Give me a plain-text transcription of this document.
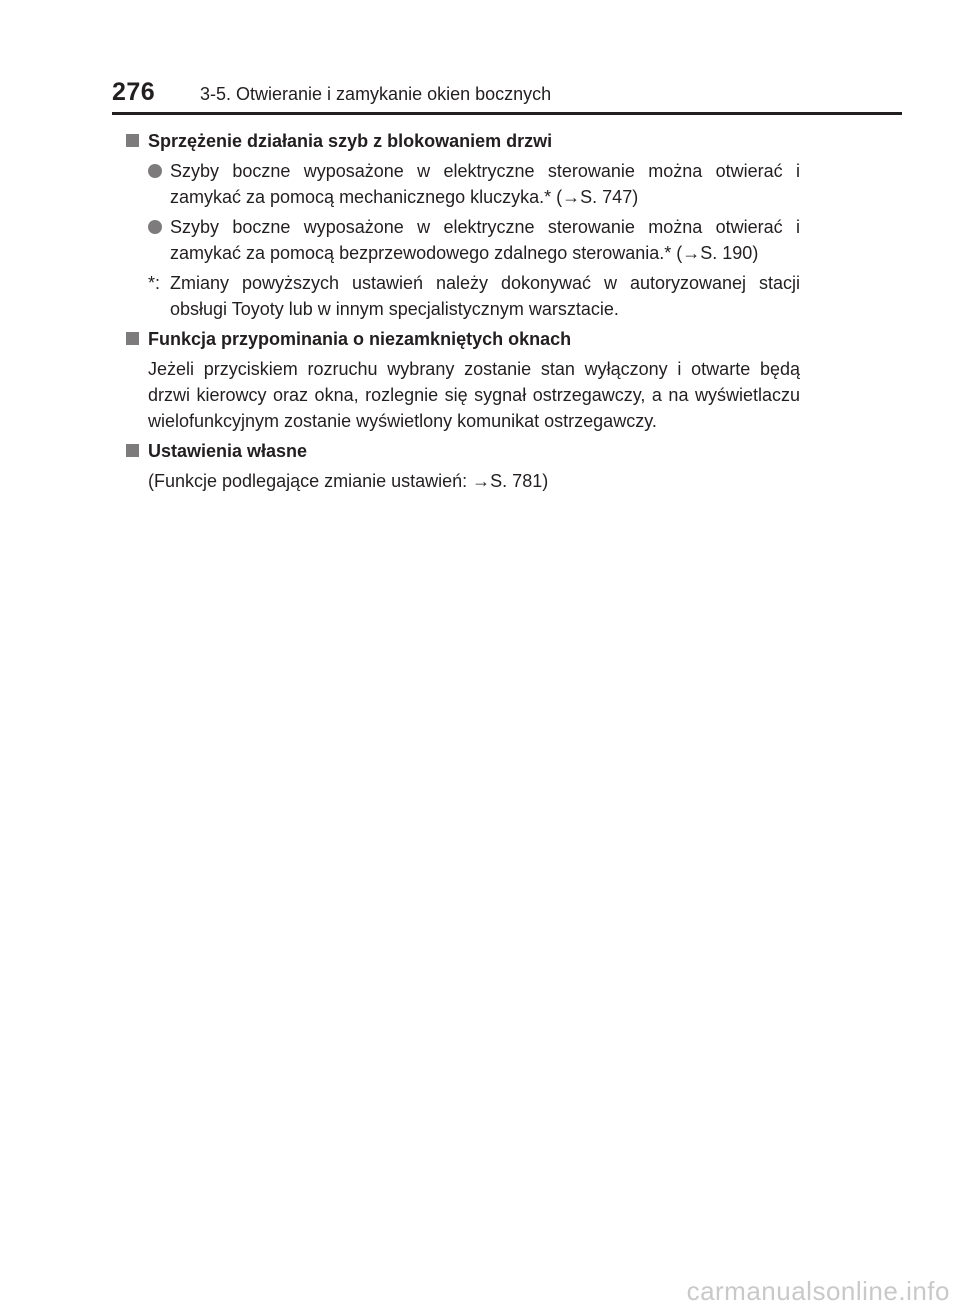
276 3-5. Otwieranie i zamykanie okien bocznych
Sprzężenie działania szyb z blokowaniem drzwi
Szyby boczne wyposażone w elektryczne sterowanie można otwierać i zamykać za pomocą mechanicznego kluczyka.* (→S. 747)
Szyby boczne wyposażone w elektryczne sterowanie można otwierać i zamykać za pomocą bezprzewodowego zdalnego sterowania.* (→S. 190)
*: Zmiany powyższych ustawień należy dokonywać w autoryzowanej stacji obsługi Toyoty lub w innym specjalistycznym warsztacie.
Funkcja przypominania o niezamkniętych oknach
Jeżeli przyciskiem rozruchu wybrany zostanie stan wyłączony i otwarte będą drzwi kierowcy oraz okna, rozlegnie się sygnał ostrzegawczy, a na wyświetlaczu wielofunkcyjnym zostanie wyświetlony komunikat ostrzegawczy.
Ustawienia własne
(Funkcje podlegające zmianie ustawień: →S. 781)
carmanualsonline.info
